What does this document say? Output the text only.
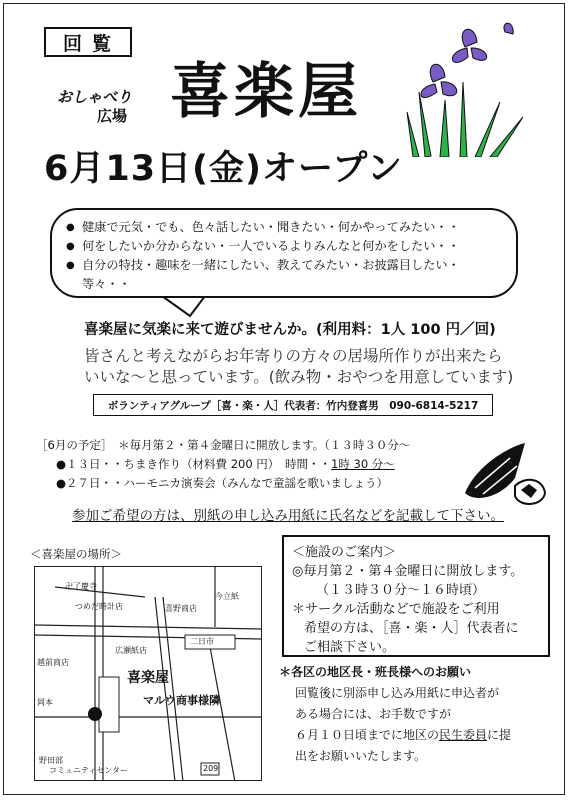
回覧
おしゃべり
広場 喜楽屋
6月13日(金)オープン
● 健康で元気・でも、色々話したい・聞きたい・何かやってみたい・・
● 何をしたいか分からない・一人でいるよりみんなと何かをしたい・・
● 自分の特技・趣味を一緒にしたい、教えてみたい・お披露目したい・
等々・・
喜楽屋に気楽に来て遊びませんか。(利用料：1人 100 円／回)
皆さんと考えながらお年寄りの方々の居場所作りが出来たら
いいな〜と思っています。(飲み物・おやつを用意しています)
ボランティアグループ［喜・楽・人］代表者：竹内登喜男　090-6814-5217
［6月の予定］　＊毎月第２・第４金曜日に開放します。（１３時３０分〜
●１３日・・ちまき作り（材料費 200 円）　時間・・1時 30 分〜
●２７日・・ハーモニカ演奏会（みんなで童謡を歌いましょう）
参加ご希望の方は、別紙の申し込み用紙に氏名などを記載して下さい。
＜喜楽屋の場所＞
卍了慶寺
つめだ時計店	喜野商店
今立紙
二日市
広瀬紙店
越前商店
喜楽屋
マルウ商事様隣
岡本
野田部
コミュニティセンター	209
＜施設のご案内＞
◎毎月第２・第４金曜日に開放します。
（１３時３０分〜１６時頃）
＊サークル活動などで施設をご利用
希望の方は、［喜・楽・人］代表者に
ご相談下さい。
＊各区の地区長・班長様へのお願い
回覧後に別添申し込み用紙に申込者が
ある場合には、お手数ですが
６月１０日頃までに地区の民生委員に提
出をお願いいたします。
